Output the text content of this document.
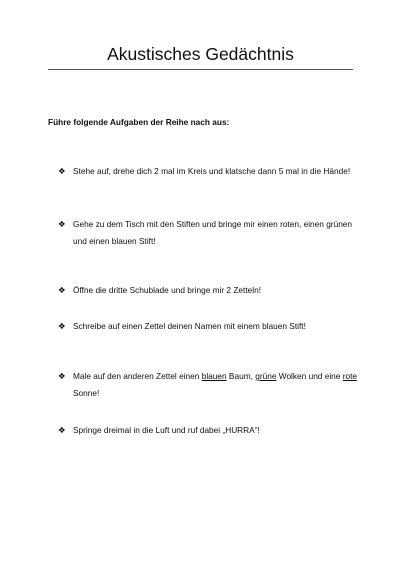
Akustisches Gedächtnis

Führe folgende Aufgaben der Reihe nach aus:

❖ Stehe auf, drehe dich 2 mal im Kreis und klatsche dann 5 mal in die Hände!
❖ Gehe zu dem Tisch mit den Stiften und bringe mir einen roten, einen grünen und einen blauen Stift!
❖ Öffne die dritte Schublade und bringe mir 2 Zetteln!
❖ Schreibe auf einen Zettel deinen Namen mit einem blauen Stift!
❖ Male auf den anderen Zettel einen blauen Baum, grüne Wolken und eine rote Sonne!
❖ Springe dreimal in die Luft und ruf dabei „HURRA“!
